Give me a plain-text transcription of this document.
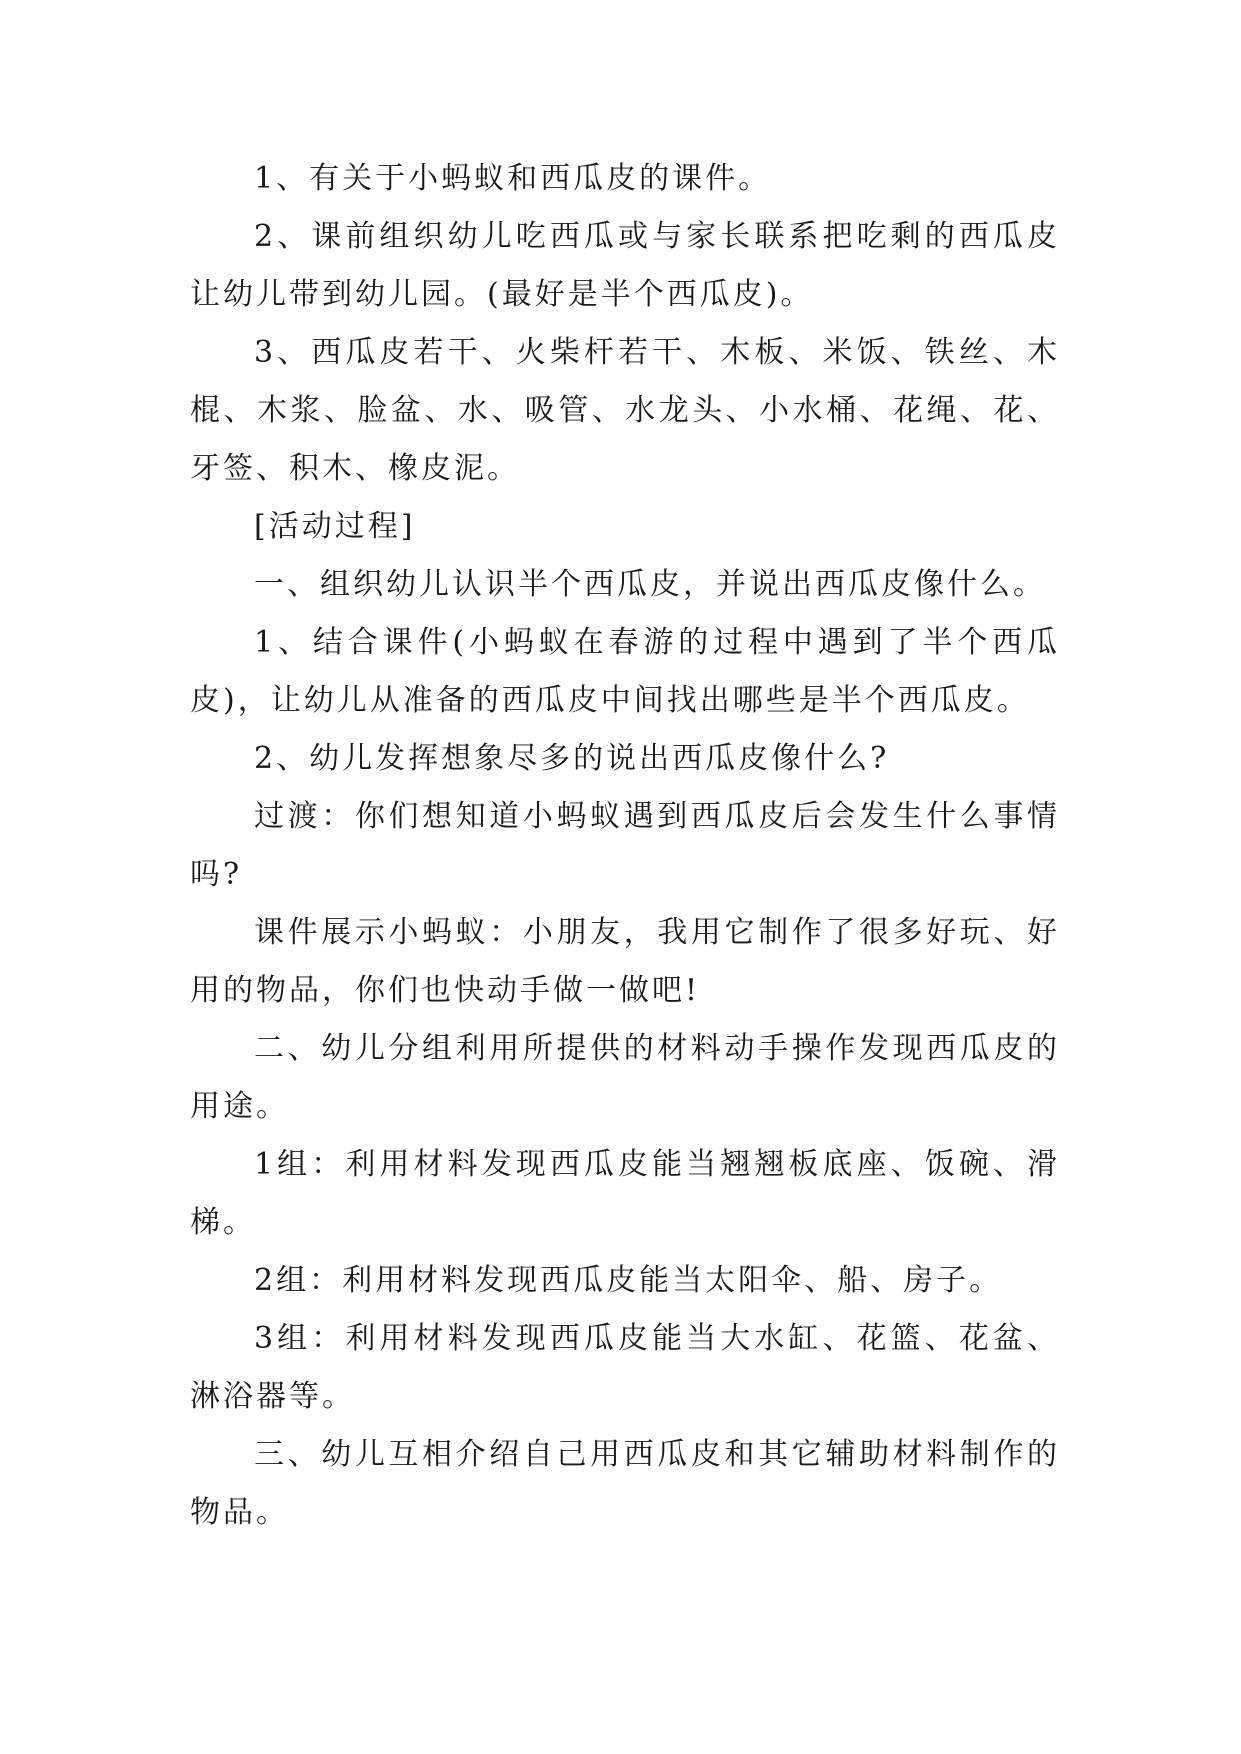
1、有关于小蚂蚁和西瓜皮的课件。

2、课前组织幼儿吃西瓜或与家长联系把吃剩的西瓜皮让幼儿带到幼儿园。(最好是半个西瓜皮)。

3、西瓜皮若干、火柴杆若干、木板、米饭、铁丝、木棍、木浆、脸盆、水、吸管、水龙头、小水桶、花绳、花、牙签、积木、橡皮泥。

[活动过程]

一、组织幼儿认识半个西瓜皮，并说出西瓜皮像什么。

1、结合课件(小蚂蚁在春游的过程中遇到了半个西瓜皮)，让幼儿从准备的西瓜皮中间找出哪些是半个西瓜皮。

2、幼儿发挥想象尽多的说出西瓜皮像什么?

过渡：你们想知道小蚂蚁遇到西瓜皮后会发生什么事情吗?

课件展示小蚂蚁：小朋友，我用它制作了很多好玩、好用的物品，你们也快动手做一做吧!

二、幼儿分组利用所提供的材料动手操作发现西瓜皮的用途。

1组：利用材料发现西瓜皮能当翘翘板底座、饭碗、滑梯。

2组：利用材料发现西瓜皮能当太阳伞、船、房子。

3组：利用材料发现西瓜皮能当大水缸、花篮、花盆、淋浴器等。

三、幼儿互相介绍自己用西瓜皮和其它辅助材料制作的物品。
